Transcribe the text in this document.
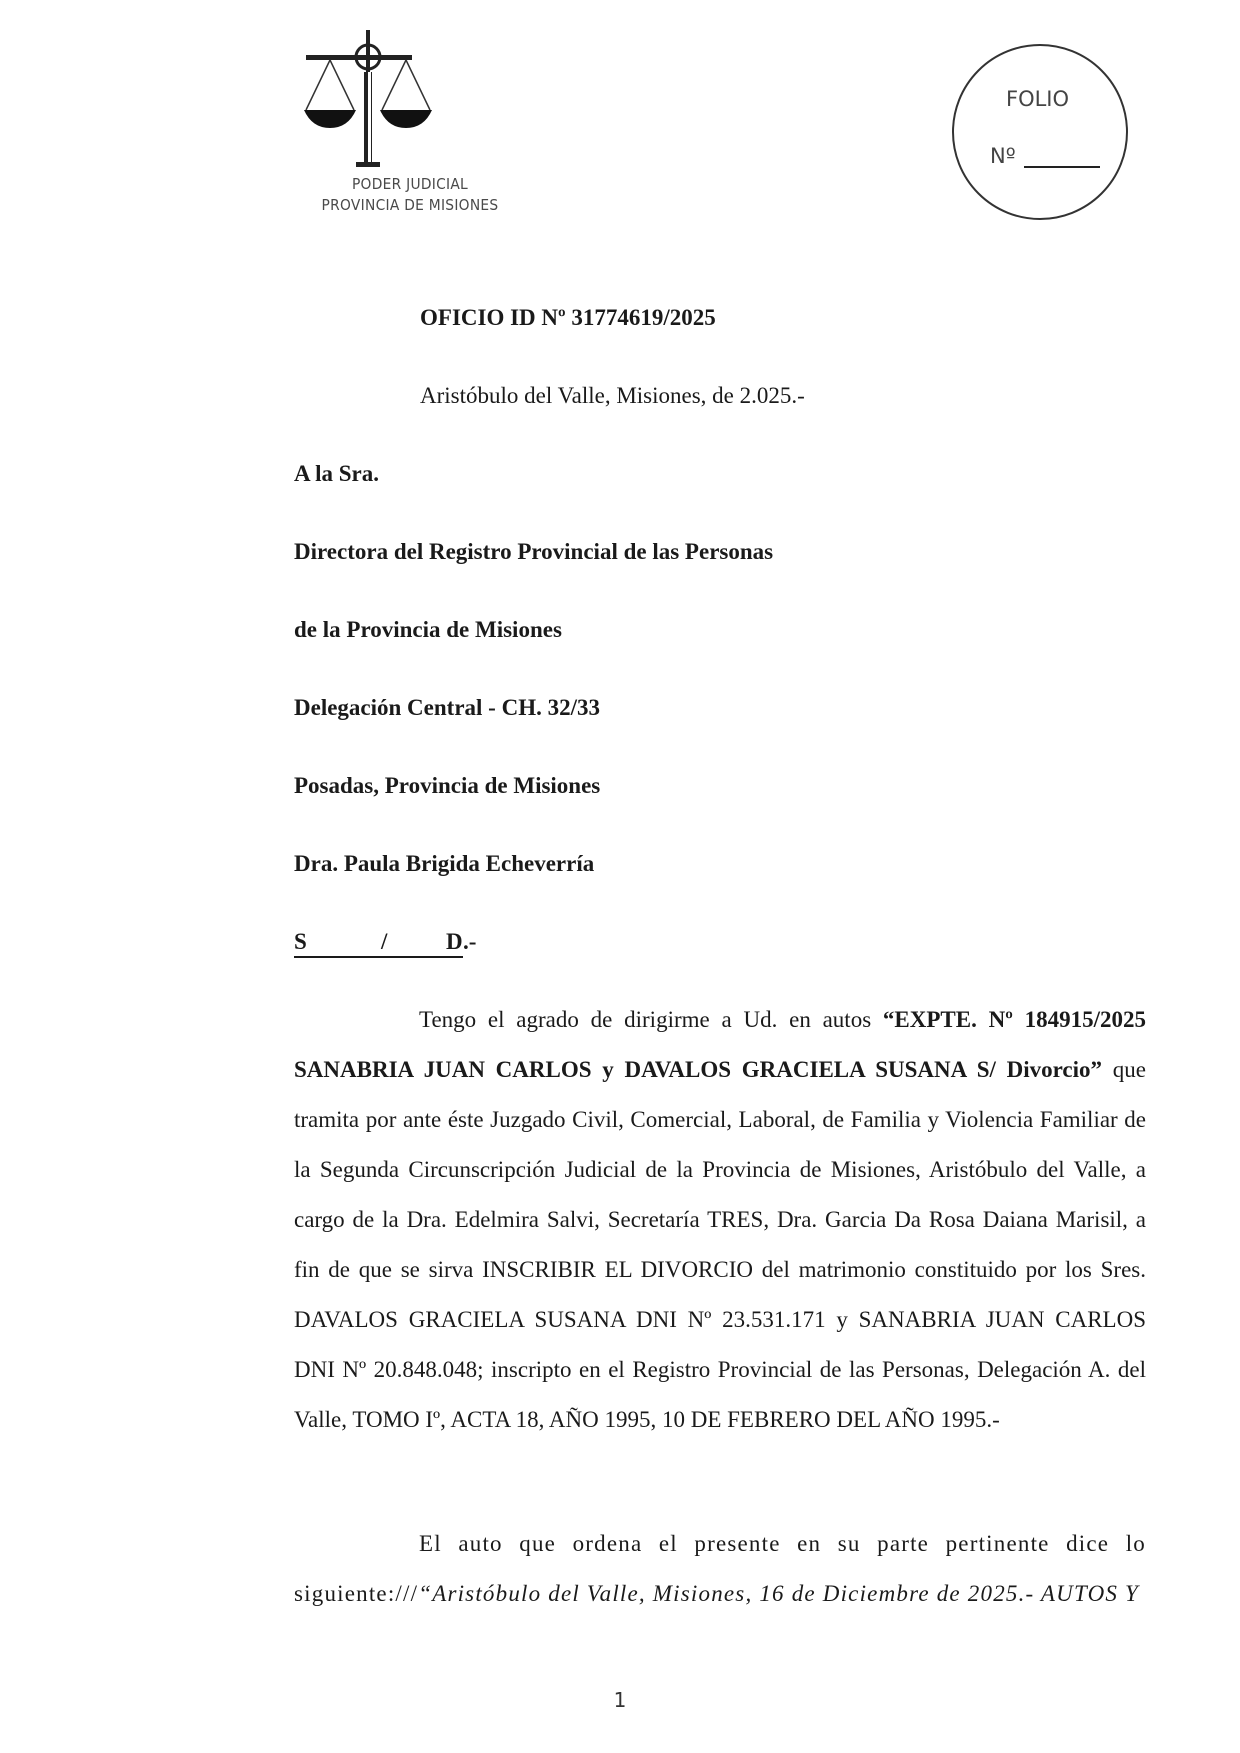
PODER JUDICIAL
PROVINCIA DE MISIONES
FOLIO
Nº
OFICIO ID Nº 31774619/2025
Aristóbulo del Valle, Misiones, de 2.025.-
A la Sra.
Directora del Registro Provincial de las Personas
de la Provincia de Misiones
Delegación Central - CH. 32/33
Posadas, Provincia de Misiones
Dra. Paula Brigida Echeverría
S	/	D .-
Tengo el agrado de dirigirme a Ud. en autos “EXPTE. Nº 184915/2025 SANABRIA JUAN CARLOS y DAVALOS GRACIELA SUSANA S/ Divorcio” que tramita por ante éste Juzgado Civil, Comercial, Laboral, de Familia y Violencia Familiar de la Segunda Circunscripción Judicial de la Provincia de Misiones, Aristóbulo del Valle, a cargo de la Dra. Edelmira Salvi, Secretaría TRES, Dra. Garcia Da Rosa Daiana Marisil, a fin de que se sirva INSCRIBIR EL DIVORCIO del matrimonio constituido por los Sres. DAVALOS GRACIELA SUSANA DNI Nº 23.531.171 y SANABRIA JUAN CARLOS DNI Nº 20.848.048; inscripto en el Registro Provincial de las Personas, Delegación A. del Valle, TOMO Iº, ACTA 18, AÑO 1995, 10 DE FEBRERO DEL AÑO 1995.-
El auto que ordena el presente en su parte pertinente dice lo siguiente:///“Aristóbulo del Valle, Misiones, 16 de Diciembre de 2025.- AUTOS Y
1
